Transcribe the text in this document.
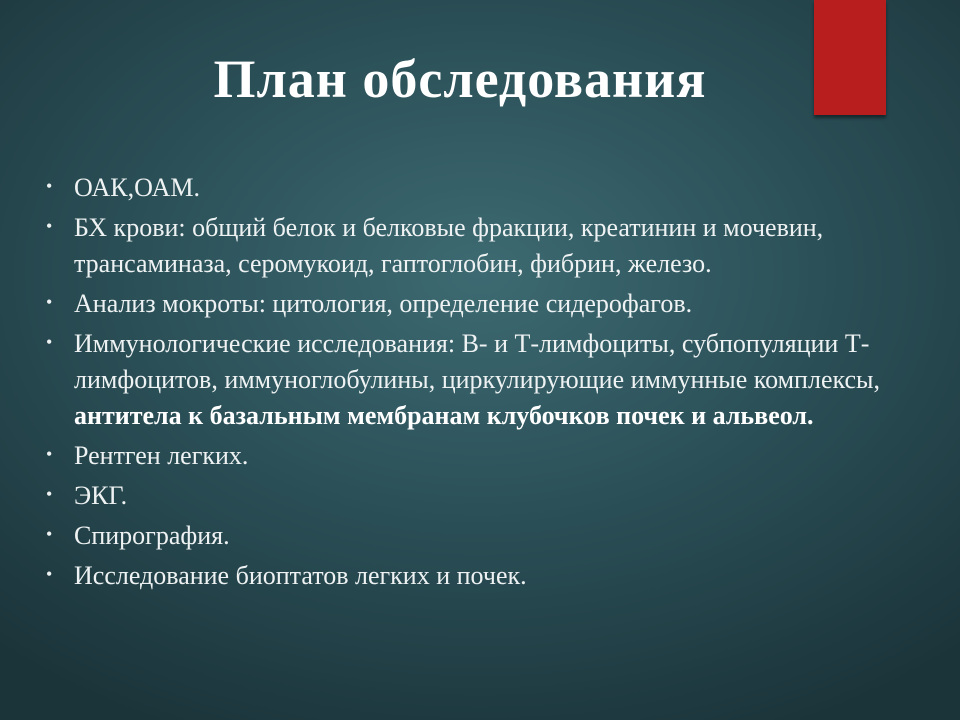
План обследования
• ОАК,ОАМ.
• БХ крови: общий белок и белковые фракции, креатинин и мочевин, трансаминаза, серомукоид, гаптоглобин, фибрин, железо.
• Анализ мокроты: цитология, определение сидерофагов.
• Иммунологические исследования: В- и Т-лимфоциты, субпопуляции Т-лимфоцитов, иммуноглобулины, циркулирующие иммунные комплексы, антитела к базальным мембранам клубочков почек и альвеол.
• Рентген легких.
• ЭКГ.
• Спирография.
• Исследование биоптатов легких и почек.
